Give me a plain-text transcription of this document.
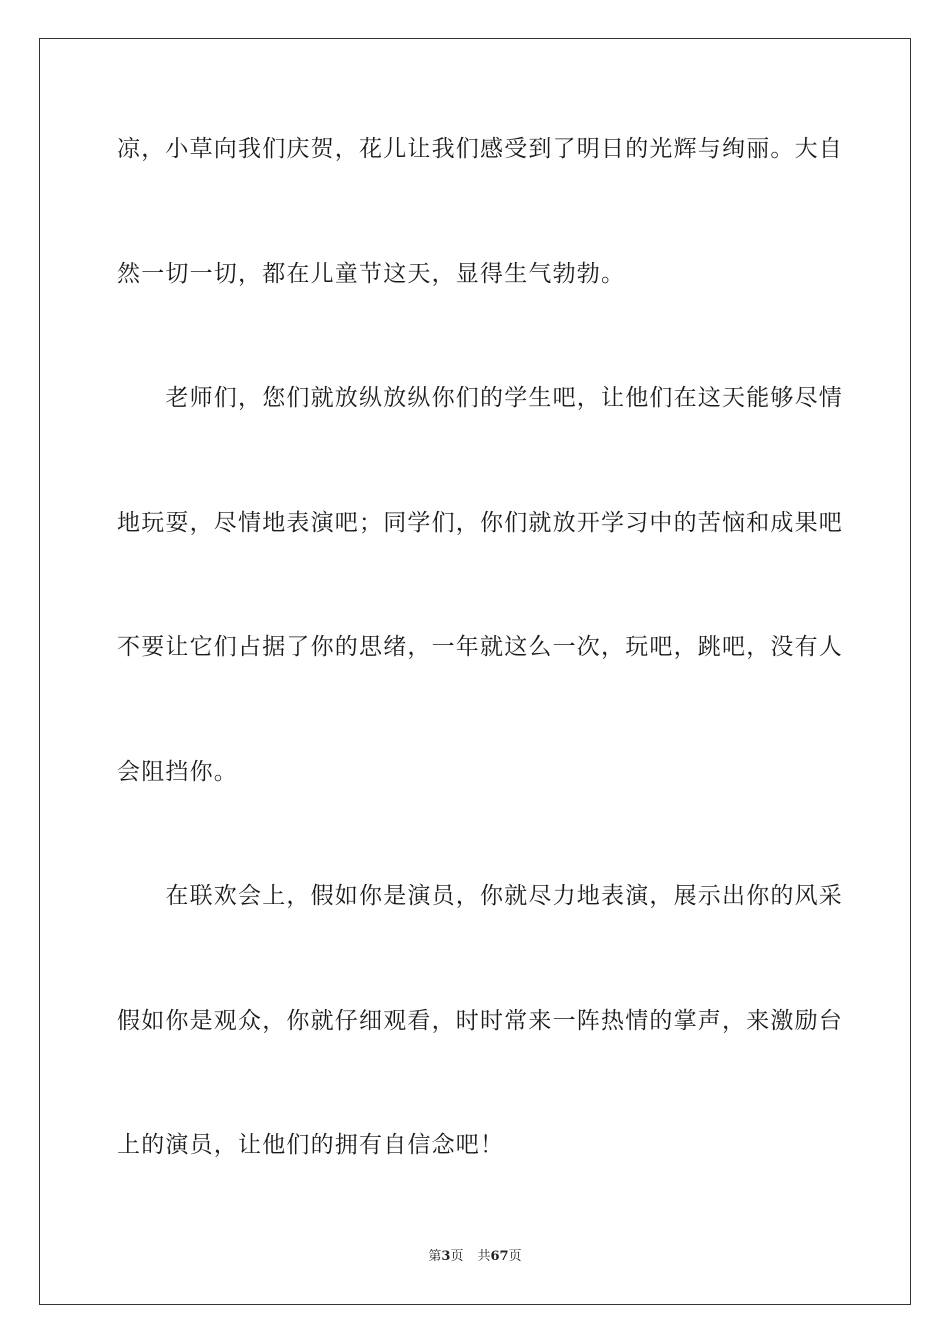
凉，小草向我们庆贺，花儿让我们感受到了明日的光辉与绚丽。大自
然一切一切，都在儿童节这天，显得生气勃勃。
　　老师们，您们就放纵放纵你们的学生吧，让他们在这天能够尽情
地玩耍，尽情地表演吧；同学们，你们就放开学习中的苦恼和成果吧
不要让它们占据了你的思绪，一年就这么一次，玩吧，跳吧，没有人
会阻挡你。
　　在联欢会上，假如你是演员，你就尽力地表演，展示出你的风采
假如你是观众，你就仔细观看，时时常来一阵热情的掌声，来激励台
上的演员，让他们的拥有自信念吧！
第3页 共67页
